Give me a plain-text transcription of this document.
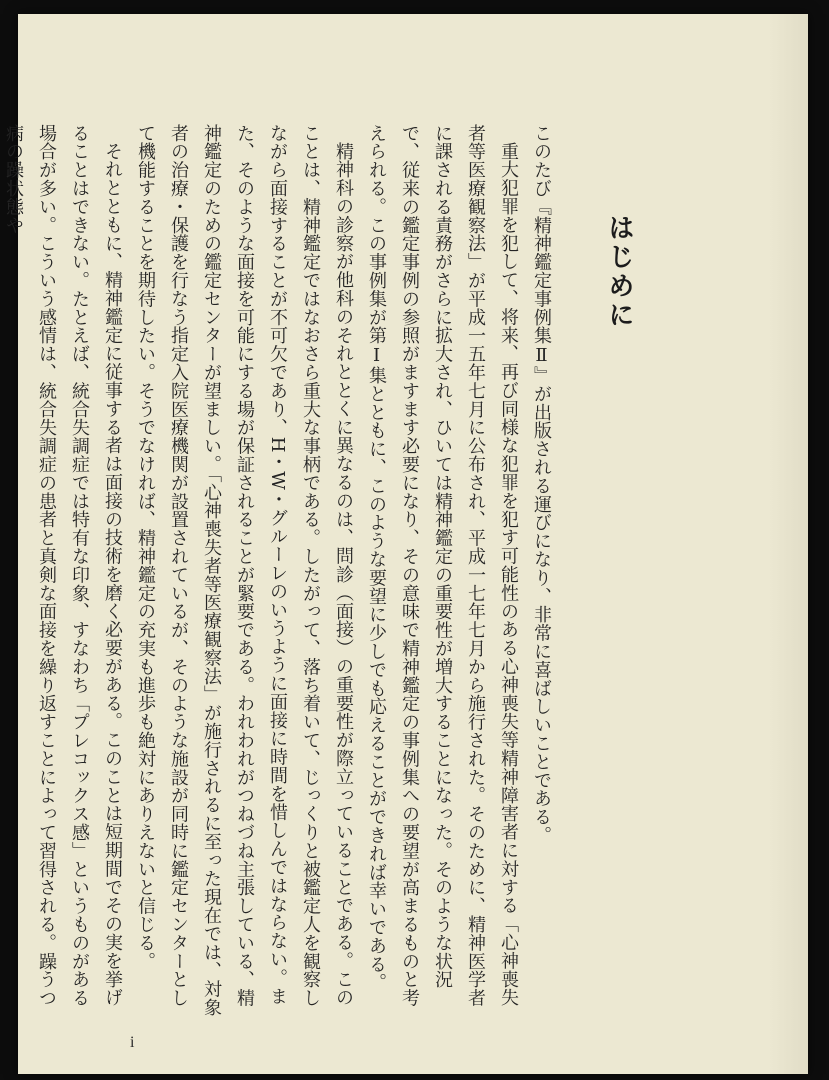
はじめに

このたび『精神鑑定事例集Ⅱ』が出版される運びになり、非常に喜ばしいことである。

重大犯罪を犯して、将来、再び同様な犯罪を犯す可能性のある心神喪失等精神障害者に対する「心神喪失者等医療観察法」が平成一五年七月に公布され、平成一七年七月から施行された。そのために、精神医学者に課される責務がさらに拡大され、ひいては精神鑑定の重要性が増大することになった。そのような状況で、従来の鑑定事例の参照がますます必要になり、その意味で精神鑑定の事例集への要望が高まるものと考えられる。この事例集が第Ⅰ集とともに、このような要望に少しでも応えることができれば幸いである。

精神科の診察が他科のそれととくに異なるのは、問診（面接）の重要性が際立っていることである。このことは、精神鑑定ではなおさら重大な事柄である。したがって、落ち着いて、じっくりと被鑑定人を観察しながら面接することが不可欠であり、H・W・グルーレのいうように面接に時間を惜しんではならない。また、そのような面接を可能にする場が保証されることが緊要である。われわれがつねづね主張している、精神鑑定のための鑑定センターが望ましい。「心神喪失者等医療観察法」が施行されるに至った現在では、対象者の治療・保護を行なう指定入院医療機関が設置されているが、そのような施設が同時に鑑定センターとして機能することを期待したい。そうでなければ、精神鑑定の充実も進歩も絶対にありえないと信じる。

それとともに、精神鑑定に従事する者は面接の技術を磨く必要がある。このことは短期間でその実を挙げることはできない。たとえば、統合失調症では特有な印象、すなわち「プレコックス感」というものがある場合が多い。こういう感情は、統合失調症の患者と真剣な面接を繰り返すことによって習得される。躁うつ病の躁状態や

i
